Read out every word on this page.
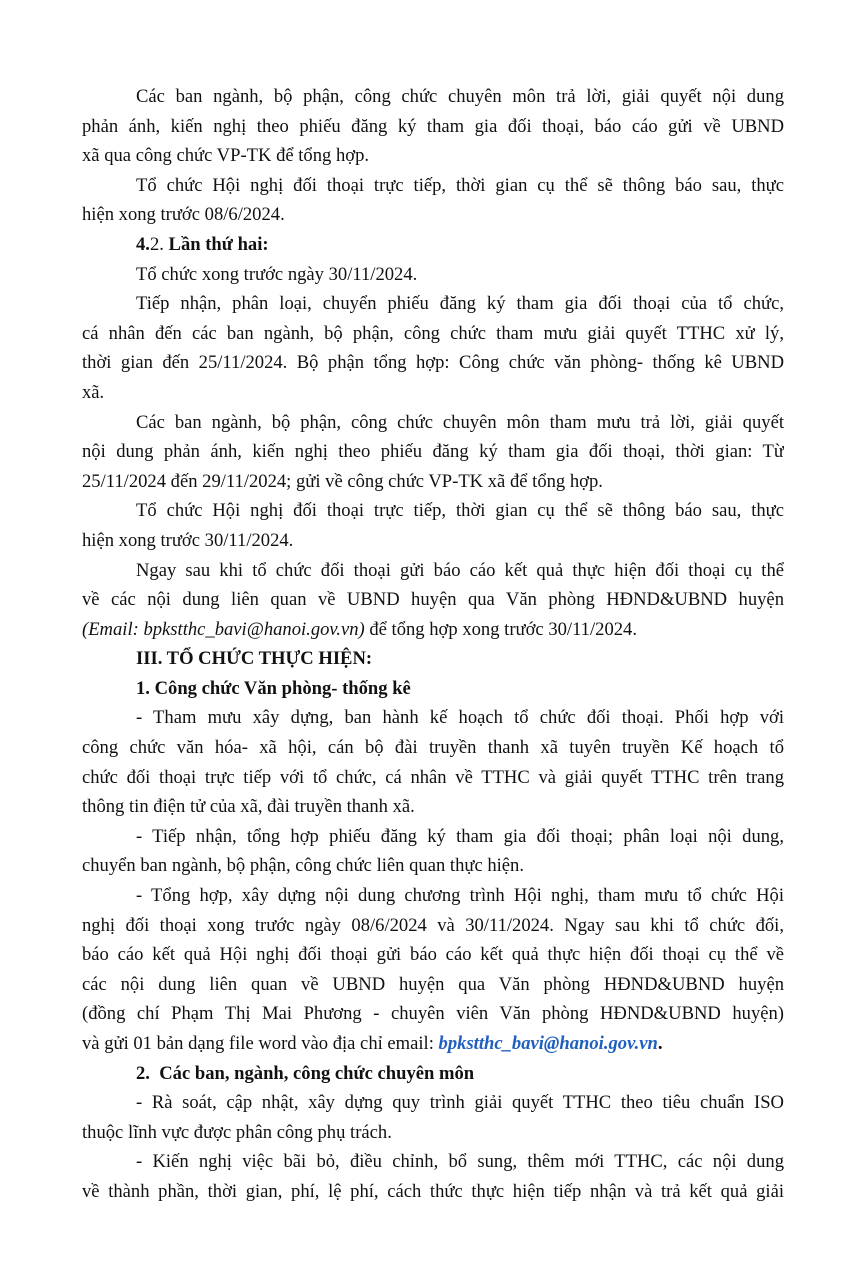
Các ban ngành, bộ phận, công chức chuyên môn trả lời, giải quyết nội dung
phản ánh, kiến nghị theo phiếu đăng ký tham gia đối thoại, báo cáo gửi về UBND
xã qua công chức VP-TK để tổng hợp.
Tổ chức Hội nghị đối thoại trực tiếp, thời gian cụ thể sẽ thông báo sau, thực
hiện xong trước 08/6/2024.
4.2. Lần thứ hai:
Tổ chức xong trước ngày 30/11/2024.
Tiếp nhận, phân loại, chuyển phiếu đăng ký tham gia đối thoại của tổ chức,
cá nhân đến các ban ngành, bộ phận, công chức tham mưu giải quyết TTHC xử lý,
thời gian đến 25/11/2024. Bộ phận tổng hợp: Công chức văn phòng- thống kê UBND
xã.
Các ban ngành, bộ phận, công chức chuyên môn tham mưu trả lời, giải quyết
nội dung phản ánh, kiến nghị theo phiếu đăng ký tham gia đối thoại, thời gian: Từ
25/11/2024 đến 29/11/2024; gửi về công chức VP-TK xã để tổng hợp.
Tổ chức Hội nghị đối thoại trực tiếp, thời gian cụ thể sẽ thông báo sau, thực
hiện xong trước 30/11/2024.
Ngay sau khi tổ chức đối thoại gửi báo cáo kết quả thực hiện đối thoại cụ thể
về các nội dung liên quan về UBND huyện qua Văn phòng HĐND&UBND huyện
(Email: bpkstthc_bavi@hanoi.gov.vn) để tổng hợp xong trước 30/11/2024.
III. TỔ CHỨC THỰC HIỆN:
1. Công chức Văn phòng- thống kê
- Tham mưu xây dựng, ban hành kế hoạch tổ chức đối thoại. Phối hợp với
công chức văn hóa- xã hội, cán bộ đài truyền thanh xã tuyên truyền Kế hoạch tổ
chức đối thoại trực tiếp với tổ chức, cá nhân về TTHC và giải quyết TTHC trên trang
thông tin điện tử của xã, đài truyền thanh xã.
- Tiếp nhận, tổng hợp phiếu đăng ký tham gia đối thoại; phân loại nội dung,
chuyển ban ngành, bộ phận, công chức liên quan thực hiện.
- Tổng hợp, xây dựng nội dung chương trình Hội nghị, tham mưu tổ chức Hội
nghị đối thoại xong trước ngày 08/6/2024 và 30/11/2024. Ngay sau khi tổ chức đối,
báo cáo kết quả Hội nghị đối thoại gửi báo cáo kết quả thực hiện đối thoại cụ thể về
các nội dung liên quan về UBND huyện qua Văn phòng HĐND&UBND huyện
(đồng chí Phạm Thị Mai Phương - chuyên viên Văn phòng HĐND&UBND huyện)
và gửi 01 bản dạng file word vào địa chỉ email: bpkstthc_bavi@hanoi.gov.vn.
2.  Các ban, ngành, công chức chuyên môn
- Rà soát, cập nhật, xây dựng quy trình giải quyết TTHC theo tiêu chuẩn ISO
thuộc lĩnh vực được phân công phụ trách.
- Kiến nghị việc bãi bỏ, điều chỉnh, bổ sung, thêm mới TTHC, các nội dung
về thành phần, thời gian, phí, lệ phí, cách thức thực hiện tiếp nhận và trả kết quả giải
